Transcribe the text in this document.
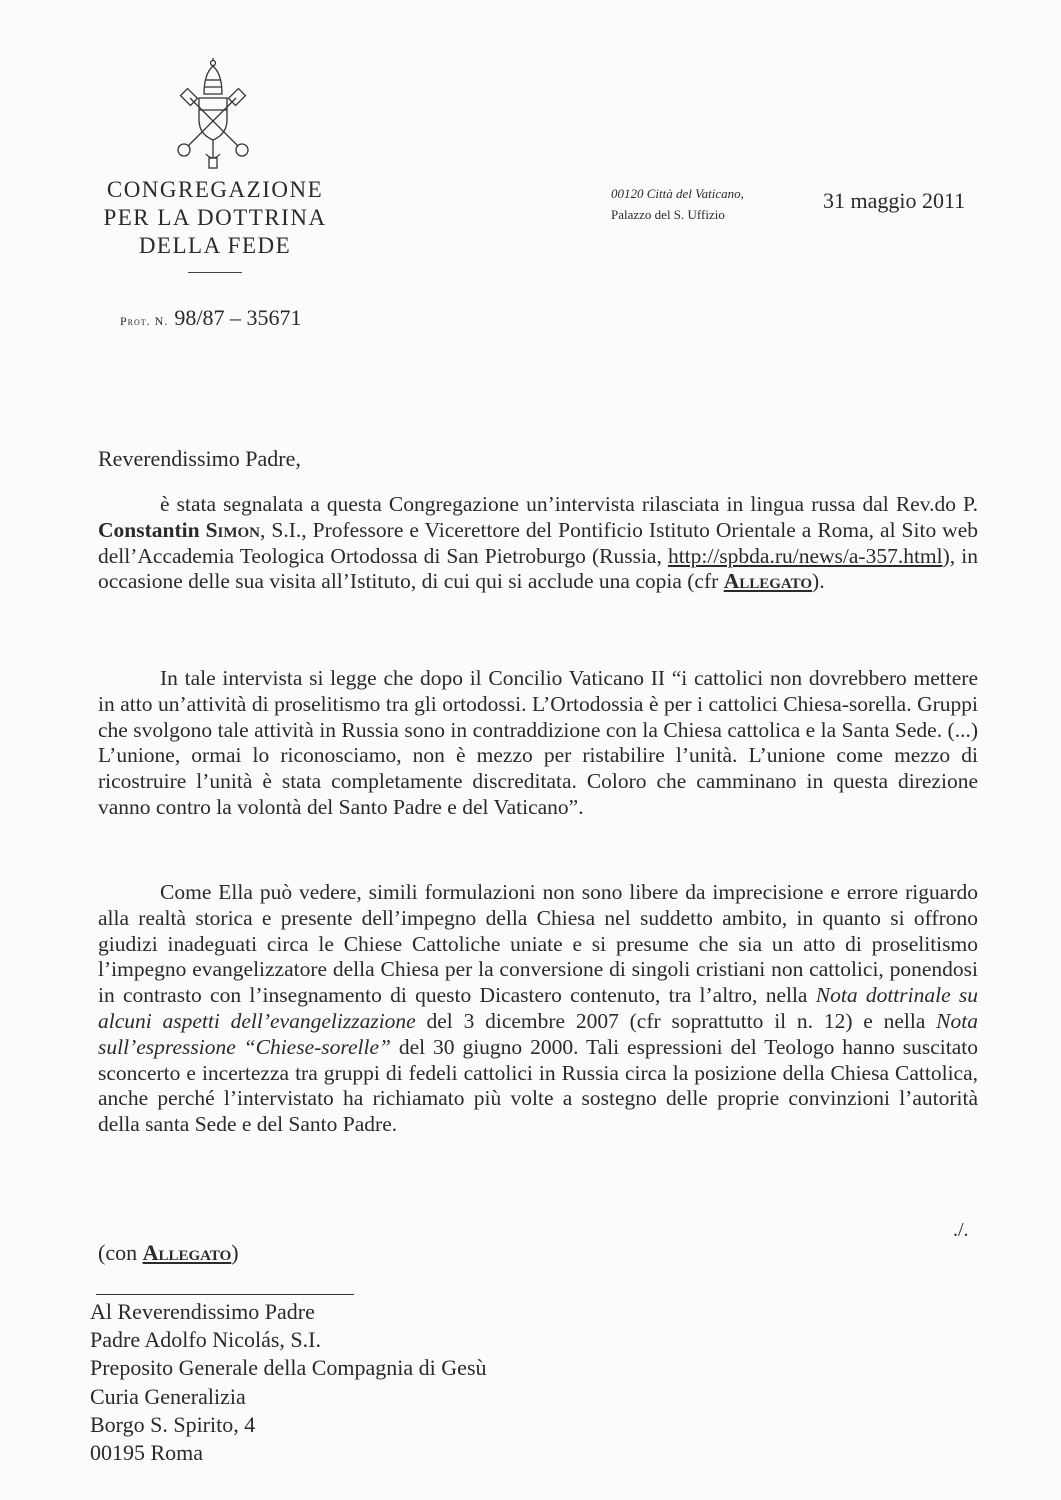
CONGREGAZIONE
PER LA DOTTRINA
DELLA FEDE
00120 Città del Vaticano,
Palazzo del S. Uffizio
31 maggio 2011
Prot. N. 98/87 – 35671
Reverendissimo Padre,
è stata segnalata a questa Congregazione un’intervista rilasciata in lingua russa dal Rev.do P. Constantin Simon, S.I., Professore e Vicerettore del Pontificio Istituto Orientale a Roma, al Sito web dell’Accademia Teologica Ortodossa di San Pietroburgo (Russia, http://spbda.ru/news/a-357.html), in occasione delle sua visita all’Istituto, di cui qui si acclude una copia (cfr Allegato).
In tale intervista si legge che dopo il Concilio Vaticano II “i cattolici non dovrebbero mettere in atto un’attività di proselitismo tra gli ortodossi. L’Ortodossia è per i cattolici Chiesa-sorella. Gruppi che svolgono tale attività in Russia sono in contraddizione con la Chiesa cattolica e la Santa Sede. (...) L’unione, ormai lo riconosciamo, non è mezzo per ristabilire l’unità. L’unione come mezzo di ricostruire l’unità è stata completamente discreditata. Coloro che camminano in questa direzione vanno contro la volontà del Santo Padre e del Vaticano”.
Come Ella può vedere, simili formulazioni non sono libere da imprecisione e errore riguardo alla realtà storica e presente dell’impegno della Chiesa nel suddetto ambito, in quanto si offrono giudizi inadeguati circa le Chiese Cattoliche uniate e si presume che sia un atto di proselitismo l’impegno evangelizzatore della Chiesa per la conversione di singoli cristiani non cattolici, ponendosi in contrasto con l’insegnamento di questo Dicastero contenuto, tra l’altro, nella Nota dottrinale su alcuni aspetti dell’evangelizzazione del 3 dicembre 2007 (cfr soprattutto il n. 12) e nella Nota sull’espressione “Chiese-sorelle” del 30 giugno 2000. Tali espressioni del Teologo hanno suscitato sconcerto e incertezza tra gruppi di fedeli cattolici in Russia circa la posizione della Chiesa Cattolica, anche perché l’intervistato ha richiamato più volte a sostegno delle proprie convinzioni l’autorità della santa Sede e del Santo Padre.
./.
(con Allegato)
Al Reverendissimo Padre
Padre Adolfo Nicolás, S.I.
Preposito Generale della Compagnia di Gesù
Curia Generalizia
Borgo S. Spirito, 4
00195 Roma
